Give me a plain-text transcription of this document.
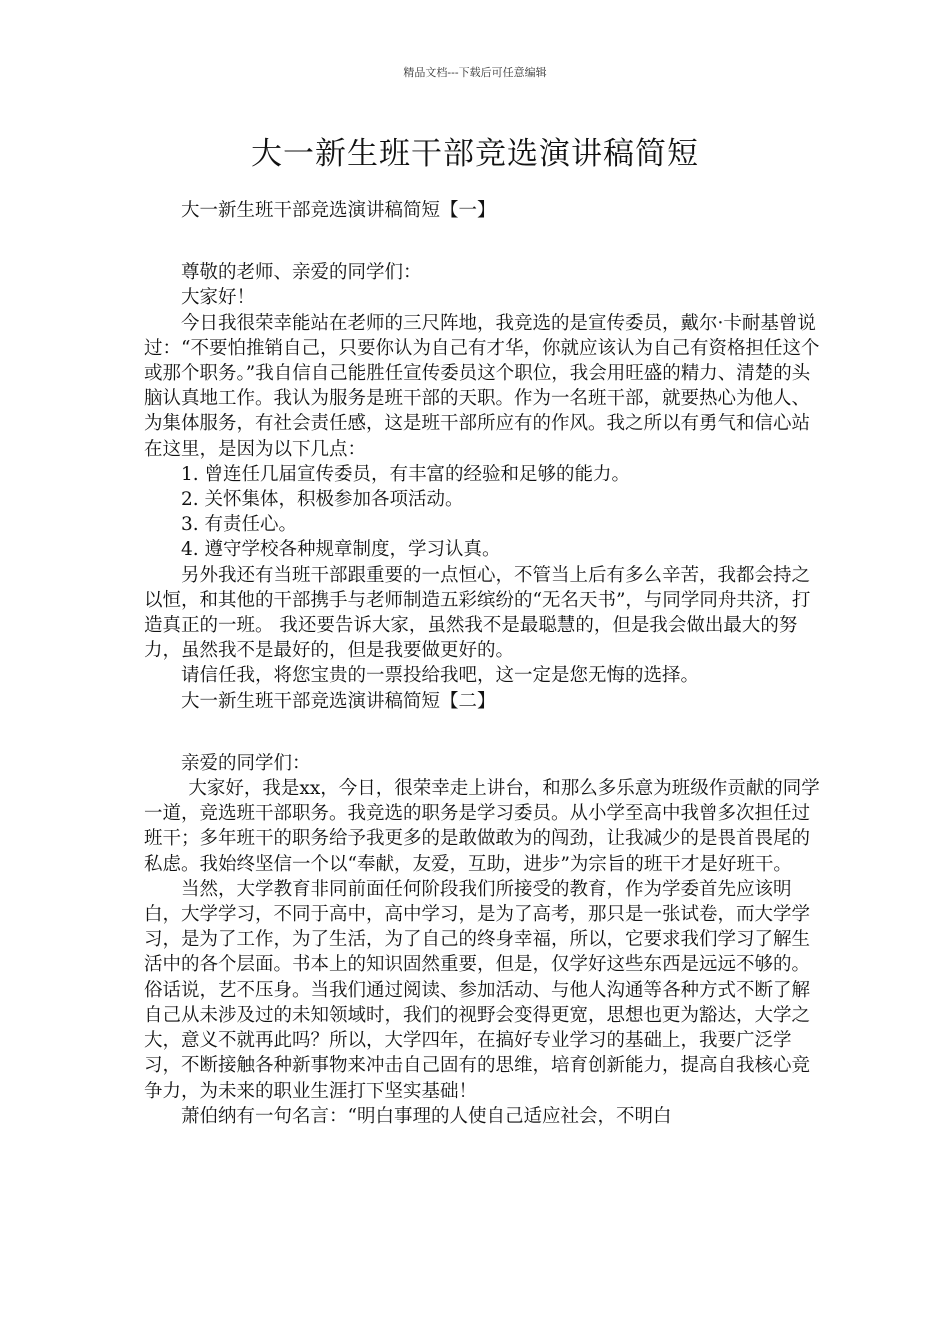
精品文档---下载后可任意编辑
大一新生班干部竞选演讲稿简短

大一新生班干部竞选演讲稿简短【一】

尊敬的老师、亲爱的同学们：

大家好！

今日我很荣幸能站在老师的三尺阵地，我竞选的是宣传委员，戴尔·卡耐基曾说过：“不要怕推销自己，只要你认为自己有才华，你就应该认为自己有资格担任这个或那个职务。”我自信自己能胜任宣传委员这个职位，我会用旺盛的精力、清楚的头脑认真地工作。我认为服务是班干部的天职。作为一名班干部，就要热心为他人、为集体服务，有社会责任感，这是班干部所应有的作风。我之所以有勇气和信心站在这里，是因为以下几点：

1. 曾连任几届宣传委员，有丰富的经验和足够的能力。

2. 关怀集体，积极参加各项活动。

3. 有责任心。

4. 遵守学校各种规章制度，学习认真。

另外我还有当班干部跟重要的一点恒心，不管当上后有多么辛苦，我都会持之以恒，和其他的干部携手与老师制造五彩缤纷的“无名天书”，与同学同舟共济，打造真正的一班。 我还要告诉大家，虽然我不是最聪慧的，但是我会做出最大的努力，虽然我不是最好的，但是我要做更好的。

请信任我，将您宝贵的一票投给我吧，这一定是您无悔的选择。

大一新生班干部竞选演讲稿简短【二】

亲爱的同学们：

大家好，我是xx，今日，很荣幸走上讲台，和那么多乐意为班级作贡献的同学一道，竞选班干部职务。我竞选的职务是学习委员。从小学至高中我曾多次担任过班干；多年班干的职务给予我更多的是敢做敢为的闯劲，让我减少的是畏首畏尾的私虑。我始终坚信一个以“奉献，友爱，互助，进步”为宗旨的班干才是好班干。

当然，大学教育非同前面任何阶段我们所接受的教育，作为学委首先应该明白，大学学习，不同于高中，高中学习，是为了高考，那只是一张试卷，而大学学习，是为了工作，为了生活，为了自己的终身幸福，所以，它要求我们学习了解生活中的各个层面。书本上的知识固然重要，但是，仅学好这些东西是远远不够的。俗话说，艺不压身。当我们通过阅读、参加活动、与他人沟通等各种方式不断了解自己从未涉及过的未知领域时，我们的视野会变得更宽，思想也更为豁达，大学之大，意义不就再此吗？所以，大学四年，在搞好专业学习的基础上，我要广泛学习，不断接触各种新事物来冲击自己固有的思维，培育创新能力，提高自我核心竞争力，为未来的职业生涯打下坚实基础！

萧伯纳有一句名言：“明白事理的人使自己适应社会，不明白
